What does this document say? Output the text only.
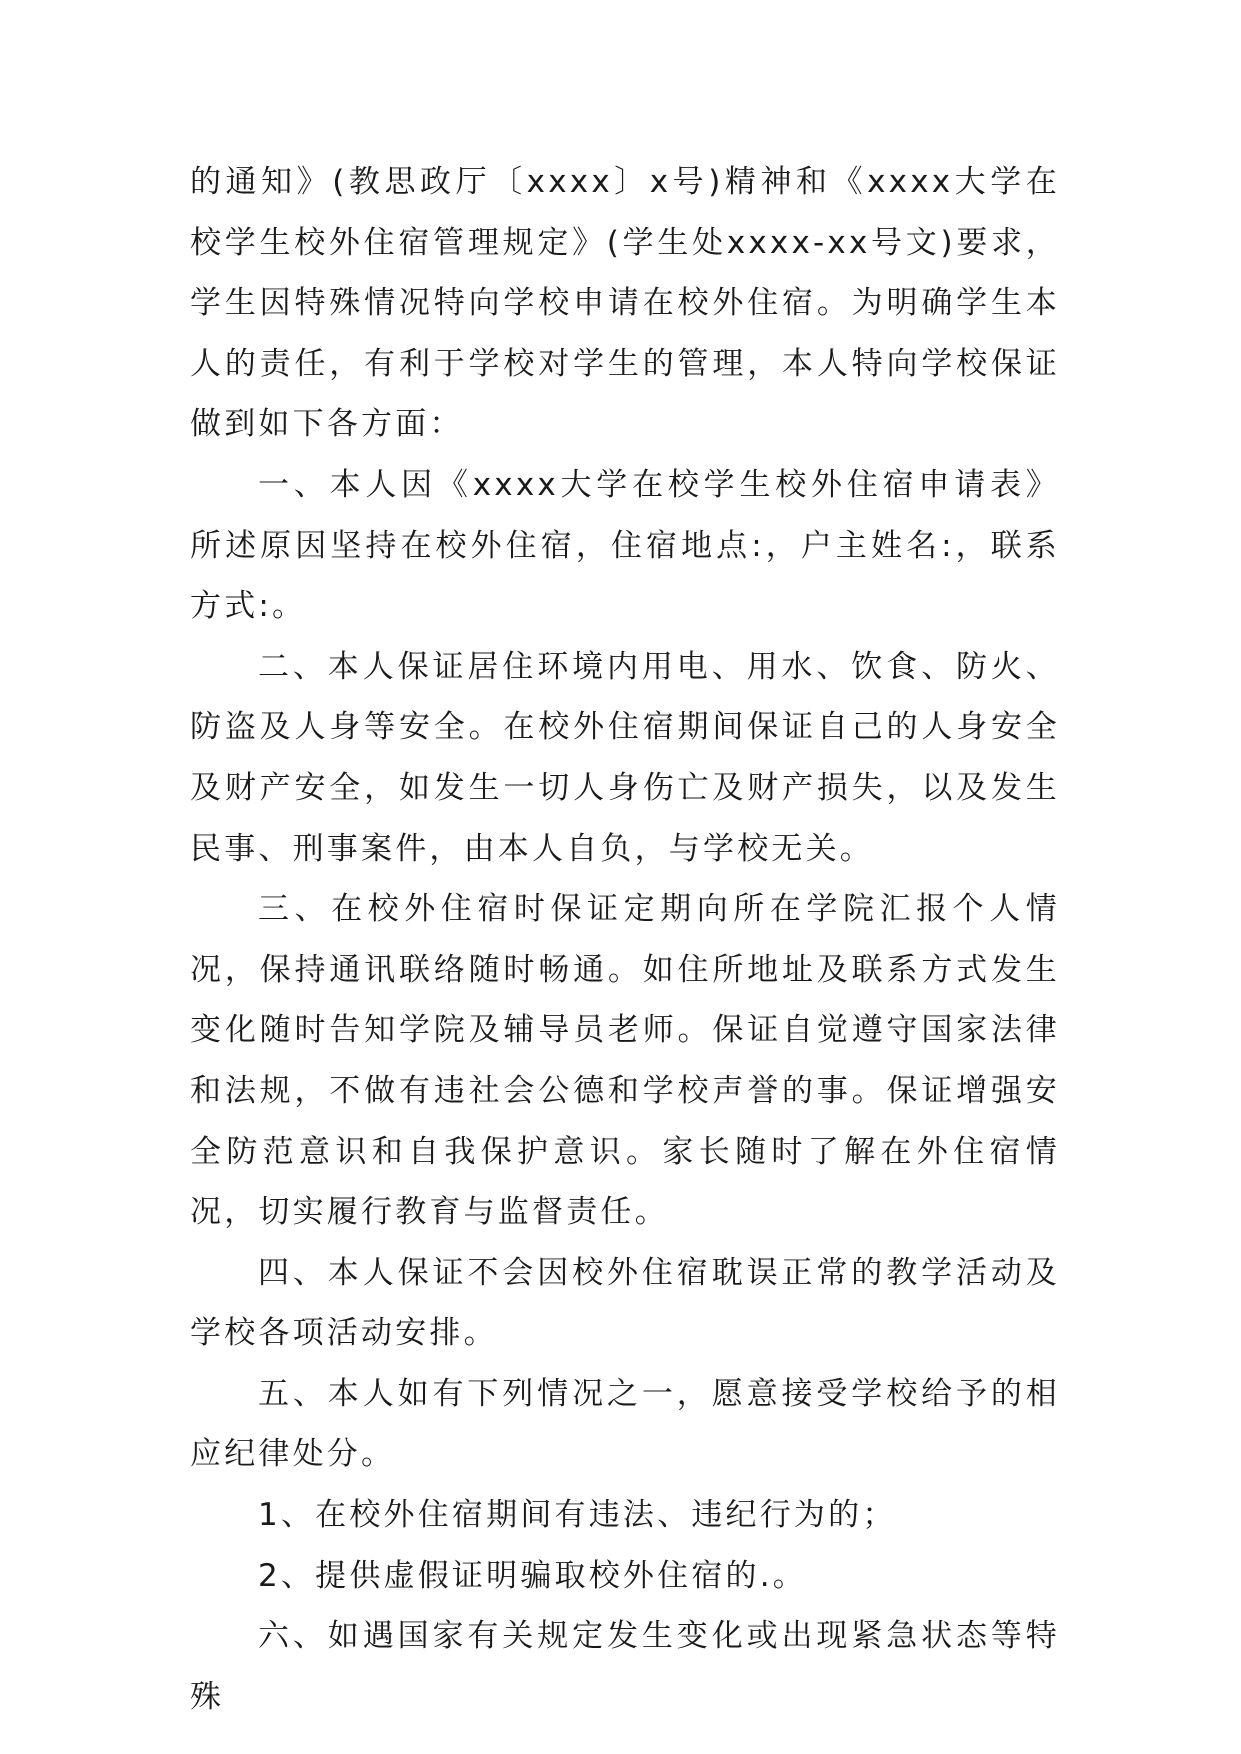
的通知》(教思政厅〔xxxx〕x号)精神和《xxxx大学在校学生校外住宿管理规定》(学生处xxxx-xx号文)要求，学生因特殊情况特向学校申请在校外住宿。为明确学生本人的责任，有利于学校对学生的管理，本人特向学校保证做到如下各方面：

一、本人因《xxxx大学在校学生校外住宿申请表》所述原因坚持在校外住宿，住宿地点:，户主姓名:，联系方式:。

二、本人保证居住环境内用电、用水、饮食、防火、防盗及人身等安全。在校外住宿期间保证自己的人身安全及财产安全，如发生一切人身伤亡及财产损失，以及发生民事、刑事案件，由本人自负，与学校无关。

三、在校外住宿时保证定期向所在学院汇报个人情况，保持通讯联络随时畅通。如住所地址及联系方式发生变化随时告知学院及辅导员老师。保证自觉遵守国家法律和法规，不做有违社会公德和学校声誉的事。保证增强安全防范意识和自我保护意识。家长随时了解在外住宿情况，切实履行教育与监督责任。

四、本人保证不会因校外住宿耽误正常的教学活动及学校各项活动安排。

五、本人如有下列情况之一，愿意接受学校给予的相应纪律处分。

1、在校外住宿期间有违法、违纪行为的；

2、提供虚假证明骗取校外住宿的.。

六、如遇国家有关规定发生变化或出现紧急状态等特殊
